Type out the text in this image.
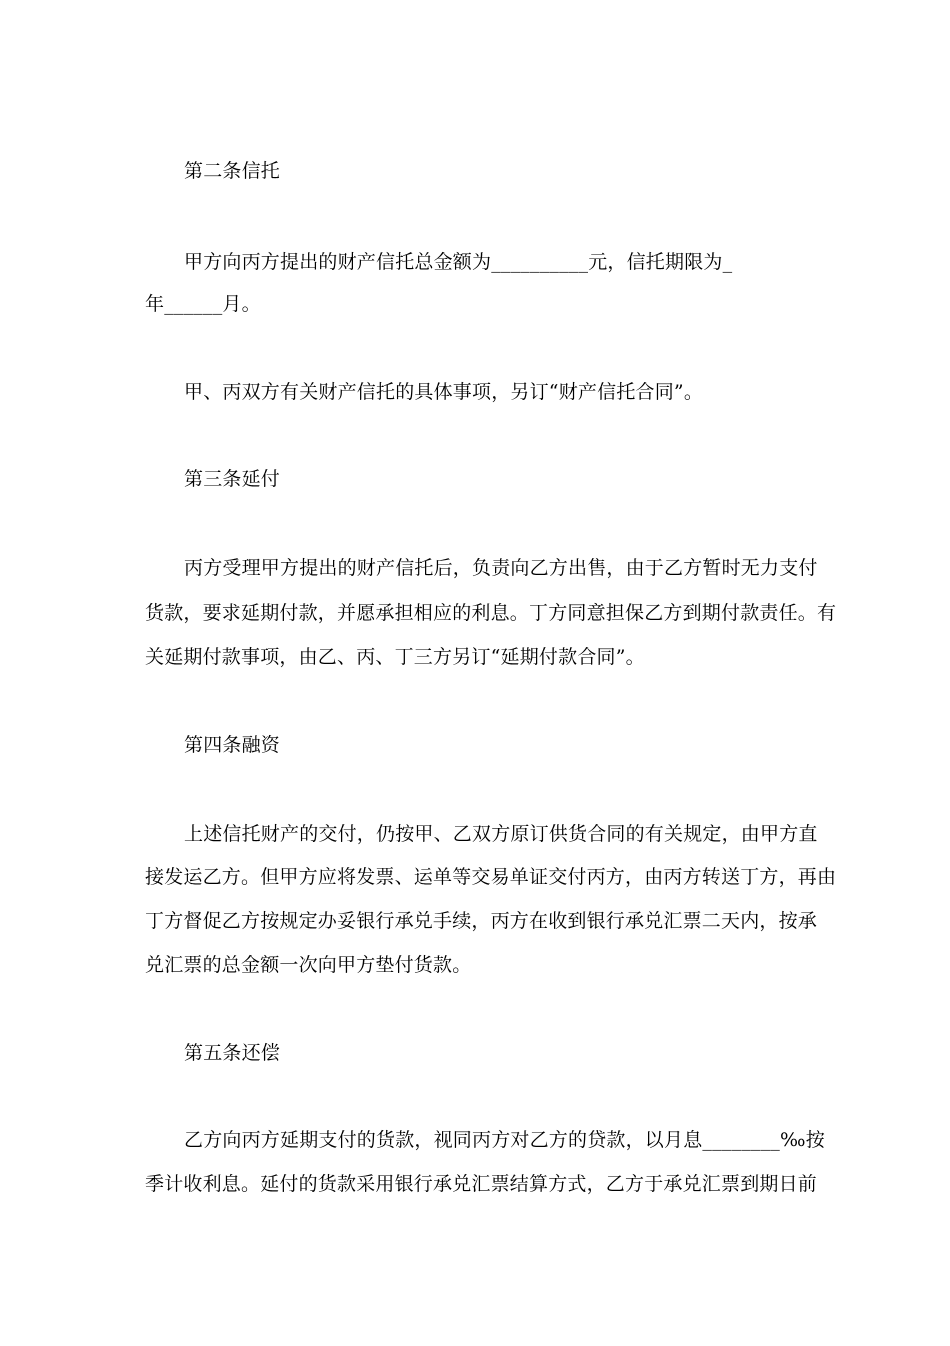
第二条信托
甲方向丙方提出的财产信托总金额为__________元，信托期限为_
年______月。
甲、丙双方有关财产信托的具体事项，另订“财产信托合同”。
第三条延付
丙方受理甲方提出的财产信托后，负责向乙方出售，由于乙方暂时无力支付
货款，要求延期付款，并愿承担相应的利息。丁方同意担保乙方到期付款责任。有
关延期付款事项，由乙、丙、丁三方另订“延期付款合同”。
第四条融资
上述信托财产的交付，仍按甲、乙双方原订供货合同的有关规定，由甲方直
接发运乙方。但甲方应将发票、运单等交易单证交付丙方，由丙方转送丁方，再由
丁方督促乙方按规定办妥银行承兑手续，丙方在收到银行承兑汇票二天内，按承
兑汇票的总金额一次向甲方垫付货款。
第五条还偿
乙方向丙方延期支付的货款，视同丙方对乙方的贷款，以月息________‰按
季计收利息。延付的货款采用银行承兑汇票结算方式，乙方于承兑汇票到期日前
